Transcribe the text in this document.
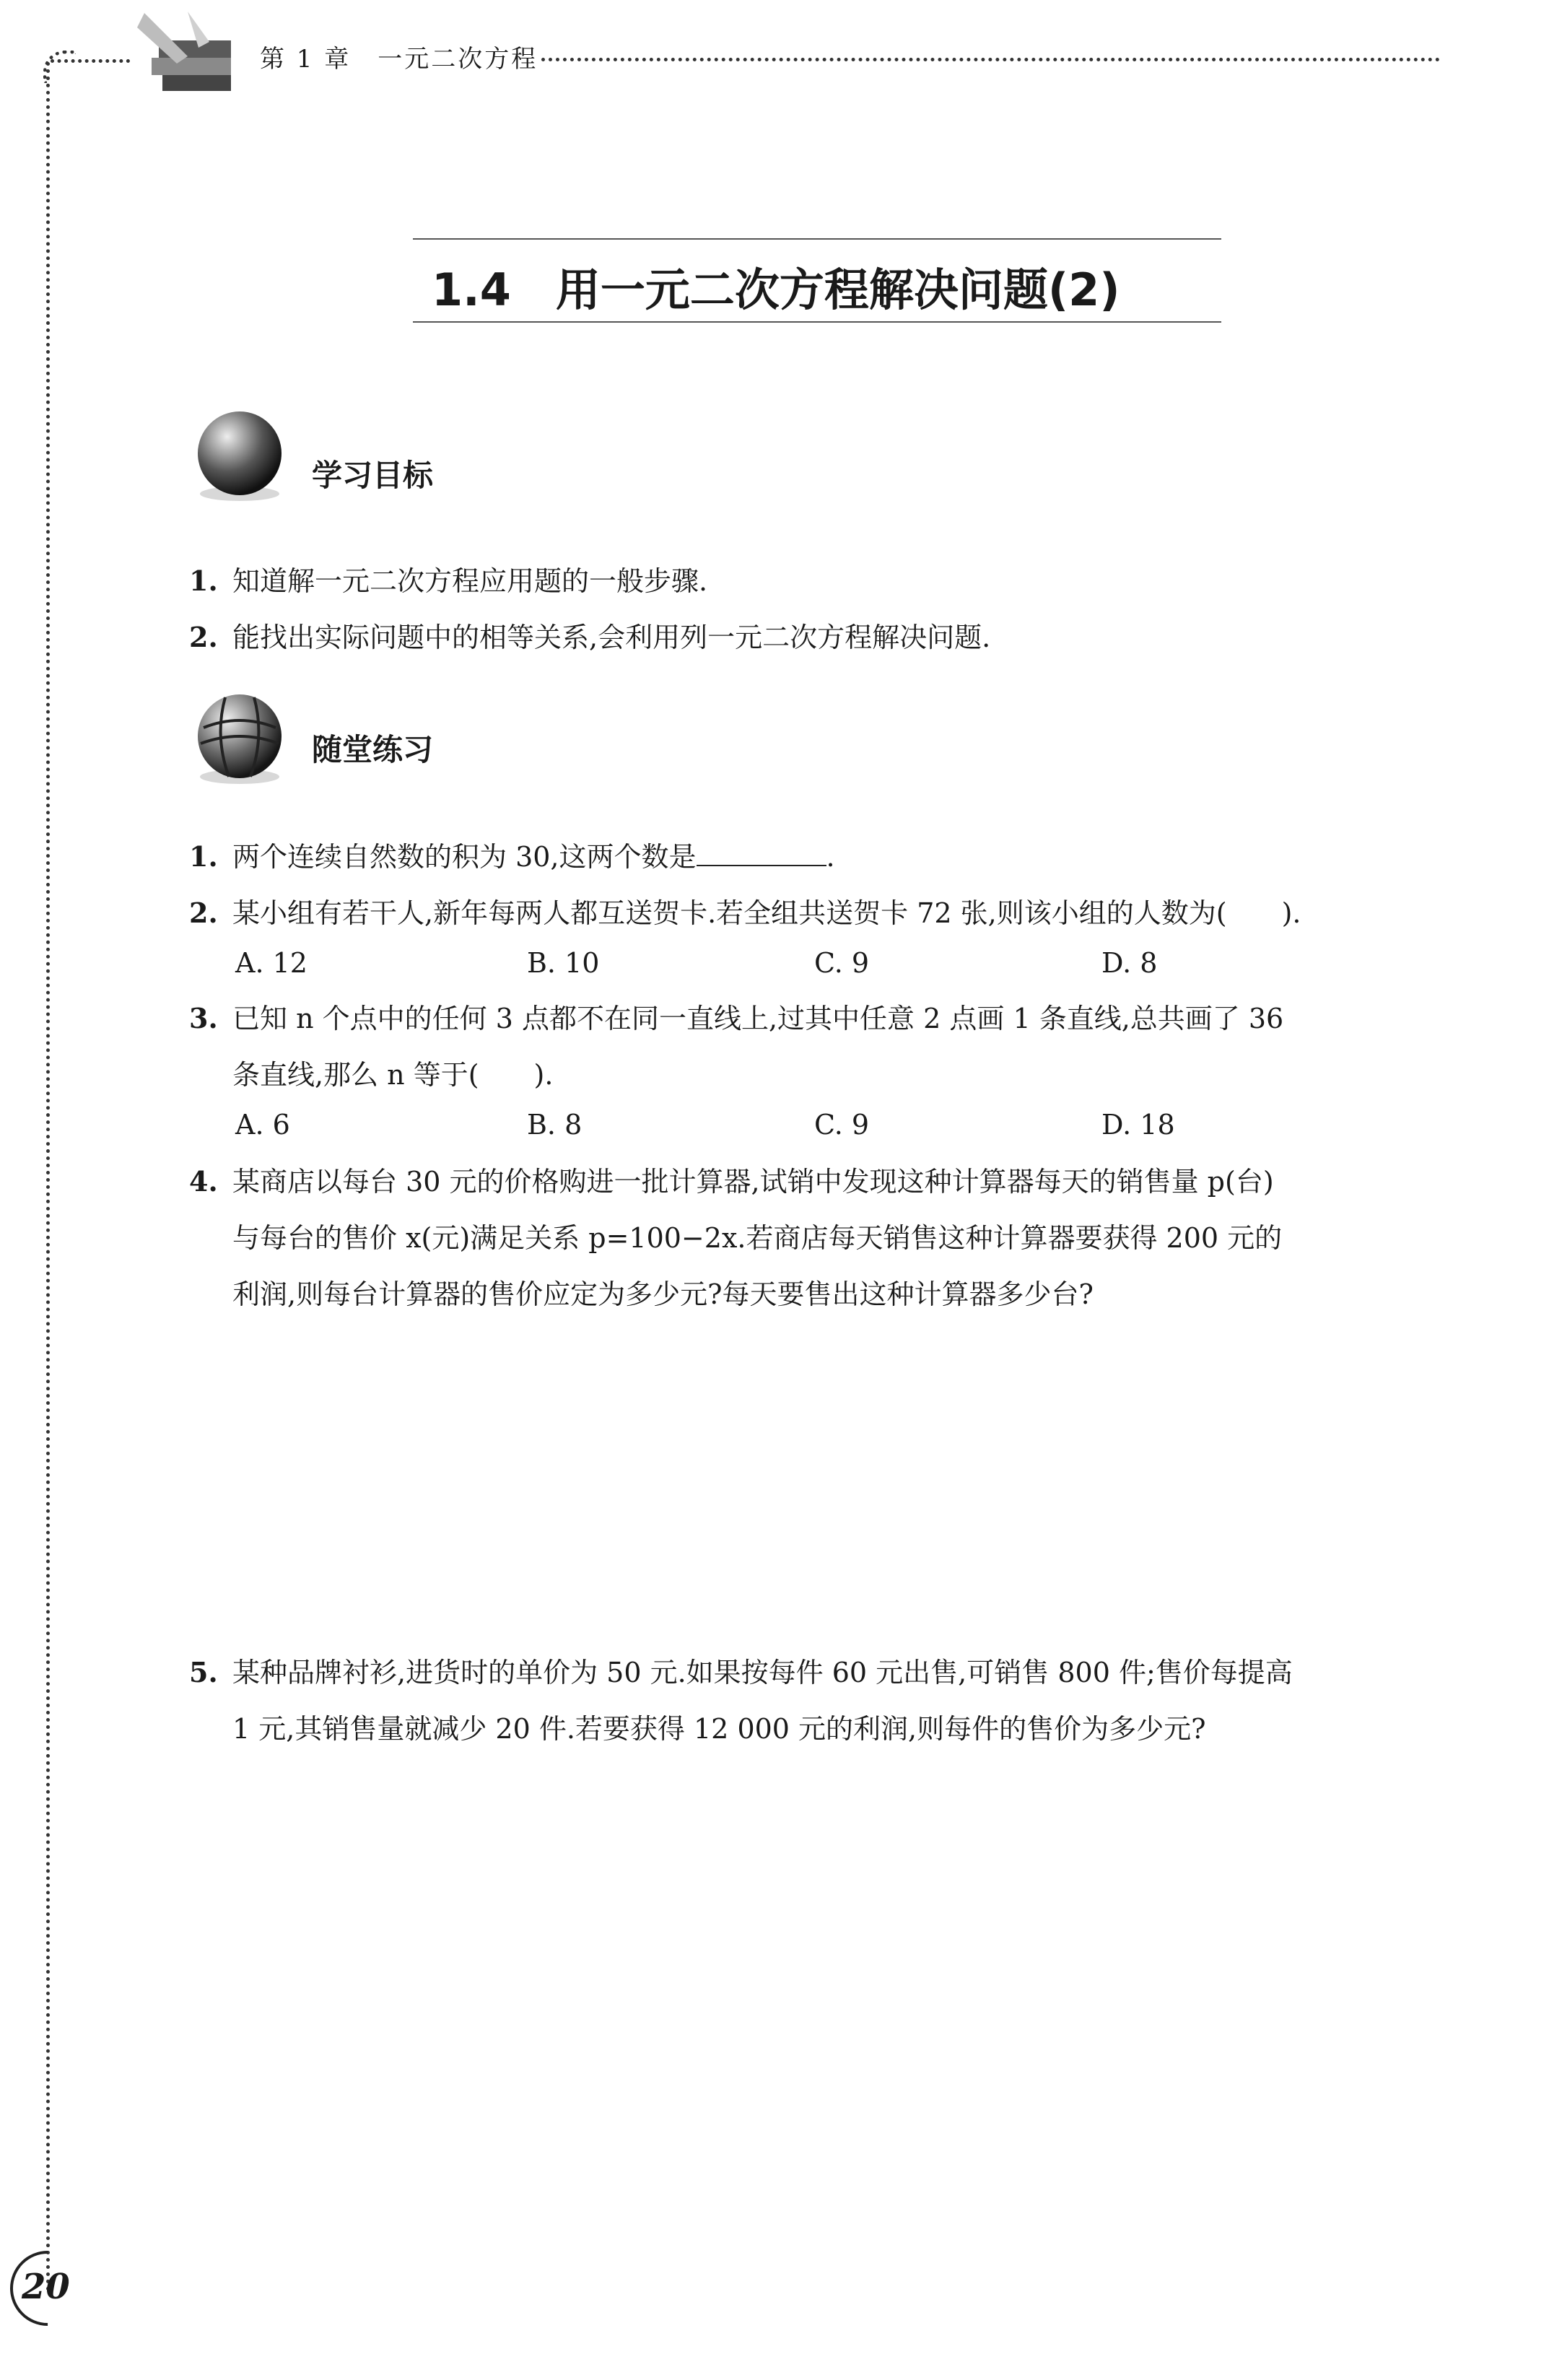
第 1 章　一元二次方程
1.4　用一元二次方程解决问题(2)
学习目标
1. 知道解一元二次方程应用题的一般步骤.
2. 能找出实际问题中的相等关系,会利用列一元二次方程解决问题.
随堂练习
1. 两个连续自然数的积为 30,这两个数是	.
2. 某小组有若干人,新年每两人都互送贺卡.若全组共送贺卡 72 张,则该小组的人数为(　　).
A. 12	B. 10	C. 9	D. 8
3. 已知 n 个点中的任何 3 点都不在同一直线上,过其中任意 2 点画 1 条直线,总共画了 36
条直线,那么 n 等于(　　).
A. 6	B. 8	C. 9	D. 18
4. 某商店以每台 30 元的价格购进一批计算器,试销中发现这种计算器每天的销售量 p(台)
与每台的售价 x(元)满足关系 p=100−2x.若商店每天销售这种计算器要获得 200 元的
利润,则每台计算器的售价应定为多少元?每天要售出这种计算器多少台?
5. 某种品牌衬衫,进货时的单价为 50 元.如果按每件 60 元出售,可销售 800 件;售价每提高
1 元,其销售量就减少 20 件.若要获得 12 000 元的利润,则每件的售价为多少元?
20
